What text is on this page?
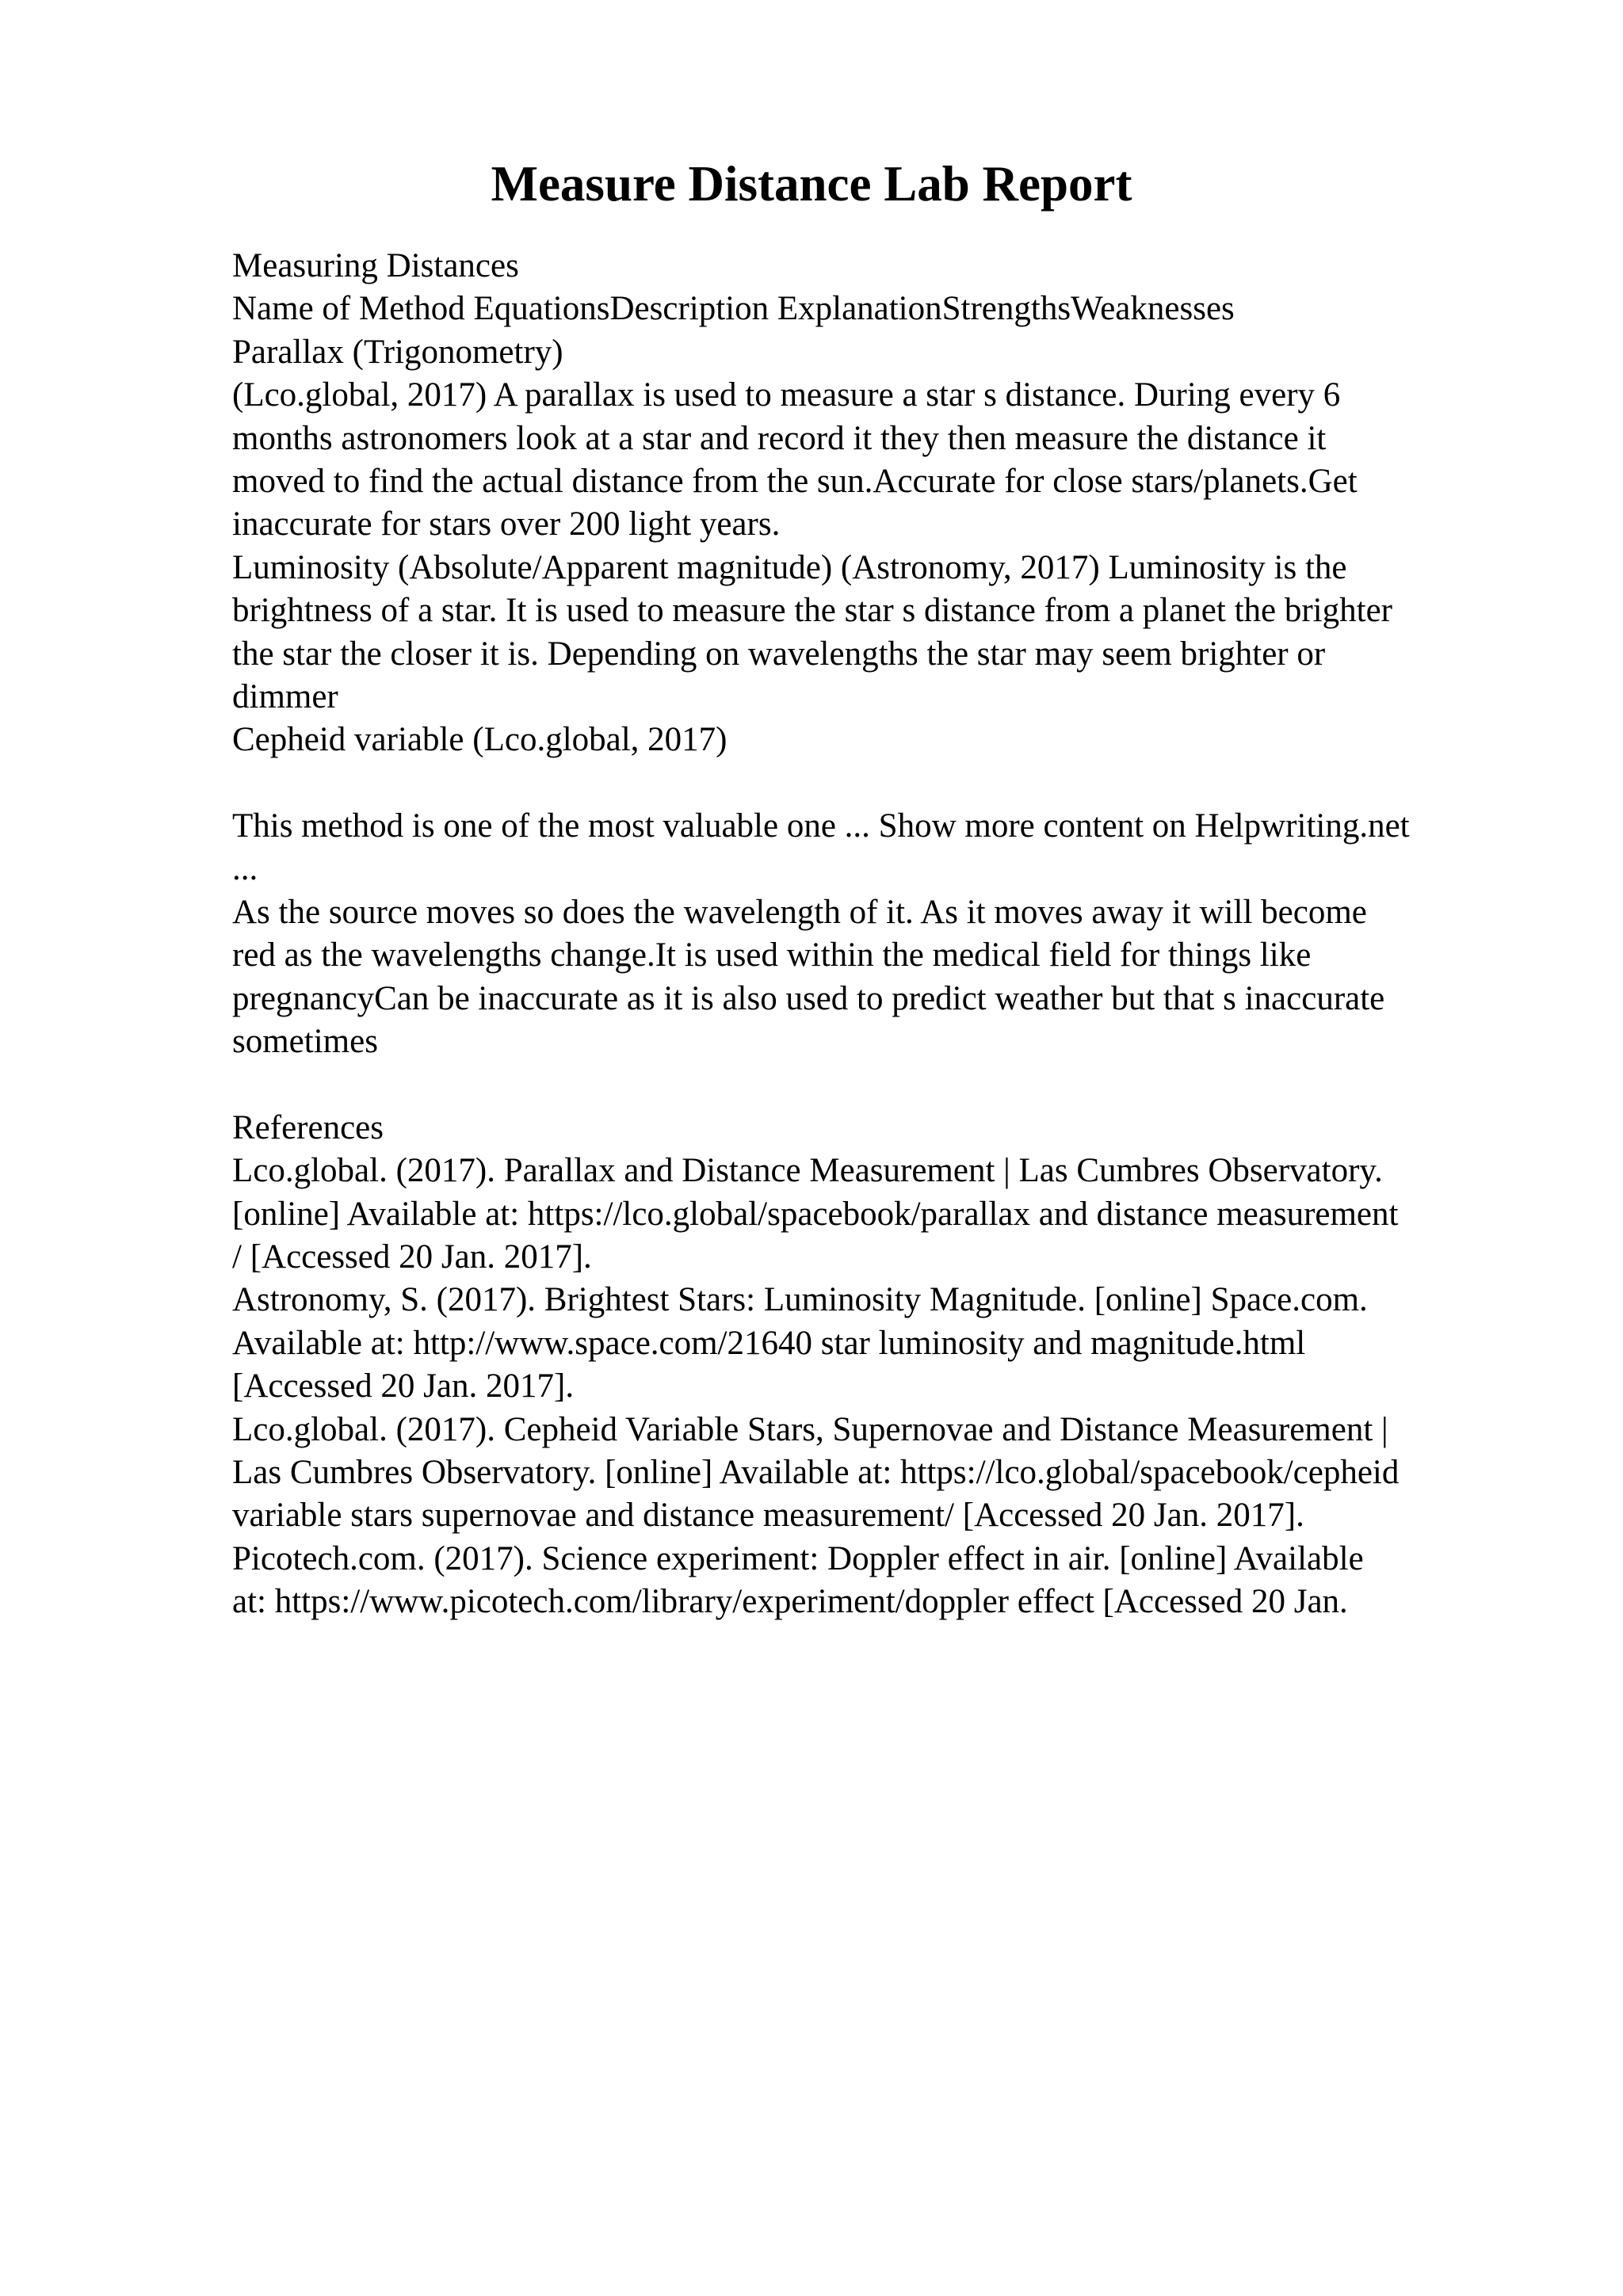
Measure Distance Lab Report
Measuring Distances
Name of Method EquationsDescription ExplanationStrengthsWeaknesses
Parallax (Trigonometry)
(Lco.global, 2017) A parallax is used to measure a star s distance. During every 6
months astronomers look at a star and record it they then measure the distance it
moved to find the actual distance from the sun.Accurate for close stars/planets.Get
inaccurate for stars over 200 light years.
Luminosity (Absolute/Apparent magnitude) (Astronomy, 2017) Luminosity is the
brightness of a star. It is used to measure the star s distance from a planet the brighter
the star the closer it is. Depending on wavelengths the star may seem brighter or
dimmer
Cepheid variable (Lco.global, 2017)
This method is one of the most valuable one ... Show more content on Helpwriting.net
...
As the source moves so does the wavelength of it. As it moves away it will become
red as the wavelengths change.It is used within the medical field for things like
pregnancyCan be inaccurate as it is also used to predict weather but that s inaccurate
sometimes
References
Lco.global. (2017). Parallax and Distance Measurement | Las Cumbres Observatory.
[online] Available at: https://lco.global/spacebook/parallax and distance measurement
/ [Accessed 20 Jan. 2017].
Astronomy, S. (2017). Brightest Stars: Luminosity Magnitude. [online] Space.com.
Available at: http://www.space.com/21640 star luminosity and magnitude.html
[Accessed 20 Jan. 2017].
Lco.global. (2017). Cepheid Variable Stars, Supernovae and Distance Measurement |
Las Cumbres Observatory. [online] Available at: https://lco.global/spacebook/cepheid
variable stars supernovae and distance measurement/ [Accessed 20 Jan. 2017].
Picotech.com. (2017). Science experiment: Doppler effect in air. [online] Available
at: https://www.picotech.com/library/experiment/doppler effect [Accessed 20 Jan.
